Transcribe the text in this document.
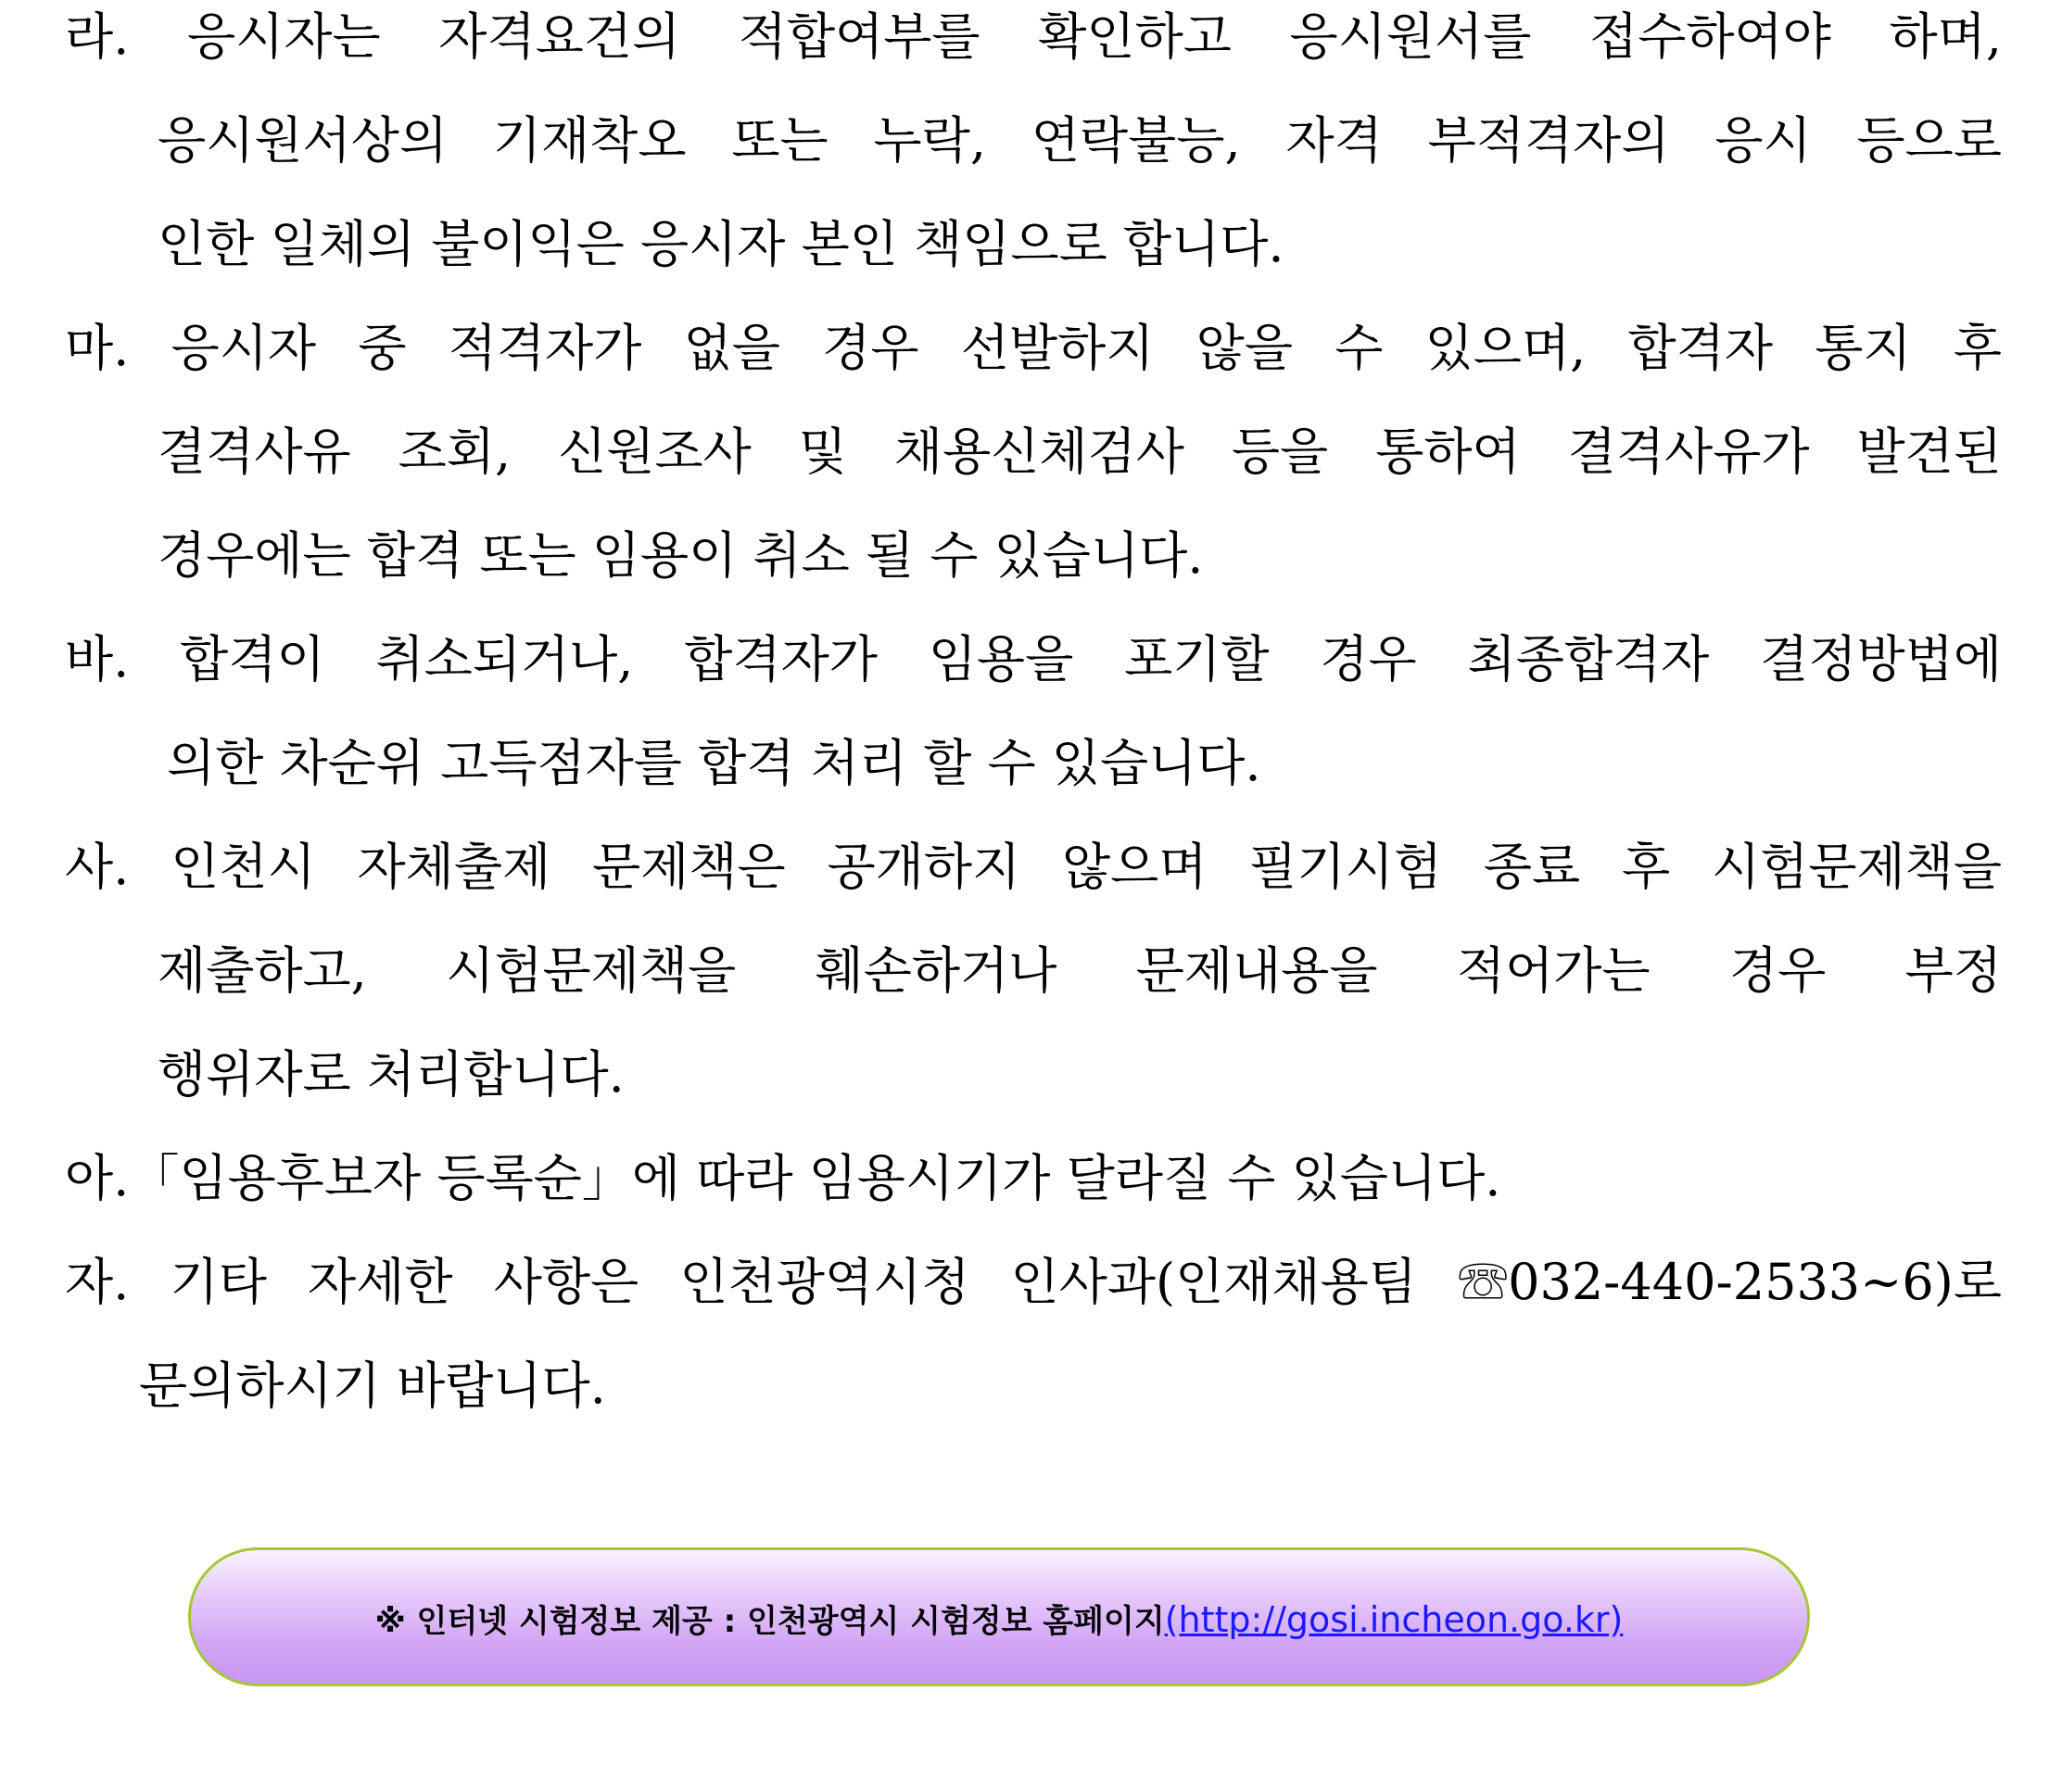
라. 응시자는 자격요건의 적합여부를 확인하고 응시원서를 접수하여야 하며,
응시원서상의 기재착오 또는 누락, 연락불능, 자격 부적격자의 응시 등으로
인한 일체의 불이익은 응시자 본인 책임으로 합니다.
마. 응시자 중 적격자가 없을 경우 선발하지 않을 수 있으며, 합격자 통지 후
결격사유 조회, 신원조사 및 채용신체검사 등을 통하여 결격사유가 발견된
경우에는 합격 또는 임용이 취소 될 수 있습니다.
바. 합격이 취소되거나, 합격자가 임용을 포기할 경우 최종합격자 결정방법에
의한 차순위 고득점자를 합격 처리 할 수 있습니다.
사. 인천시 자체출제 문제책은 공개하지 않으며 필기시험 종료 후 시험문제책을
제출하고, 시험문제책을 훼손하거나 문제내용을 적어가는 경우 부정
행위자로 처리합니다.
아.「임용후보자 등록순」에 따라 임용시기가 달라질 수 있습니다.
자. 기타 자세한 사항은 인천광역시청 인사과(인재채용팀 ☏032-440-2533~6)로
문의하시기 바랍니다.
※ 인터넷 시험정보 제공 : 인천광역시 시험정보 홈페이지(http://gosi.incheon.go.kr)
